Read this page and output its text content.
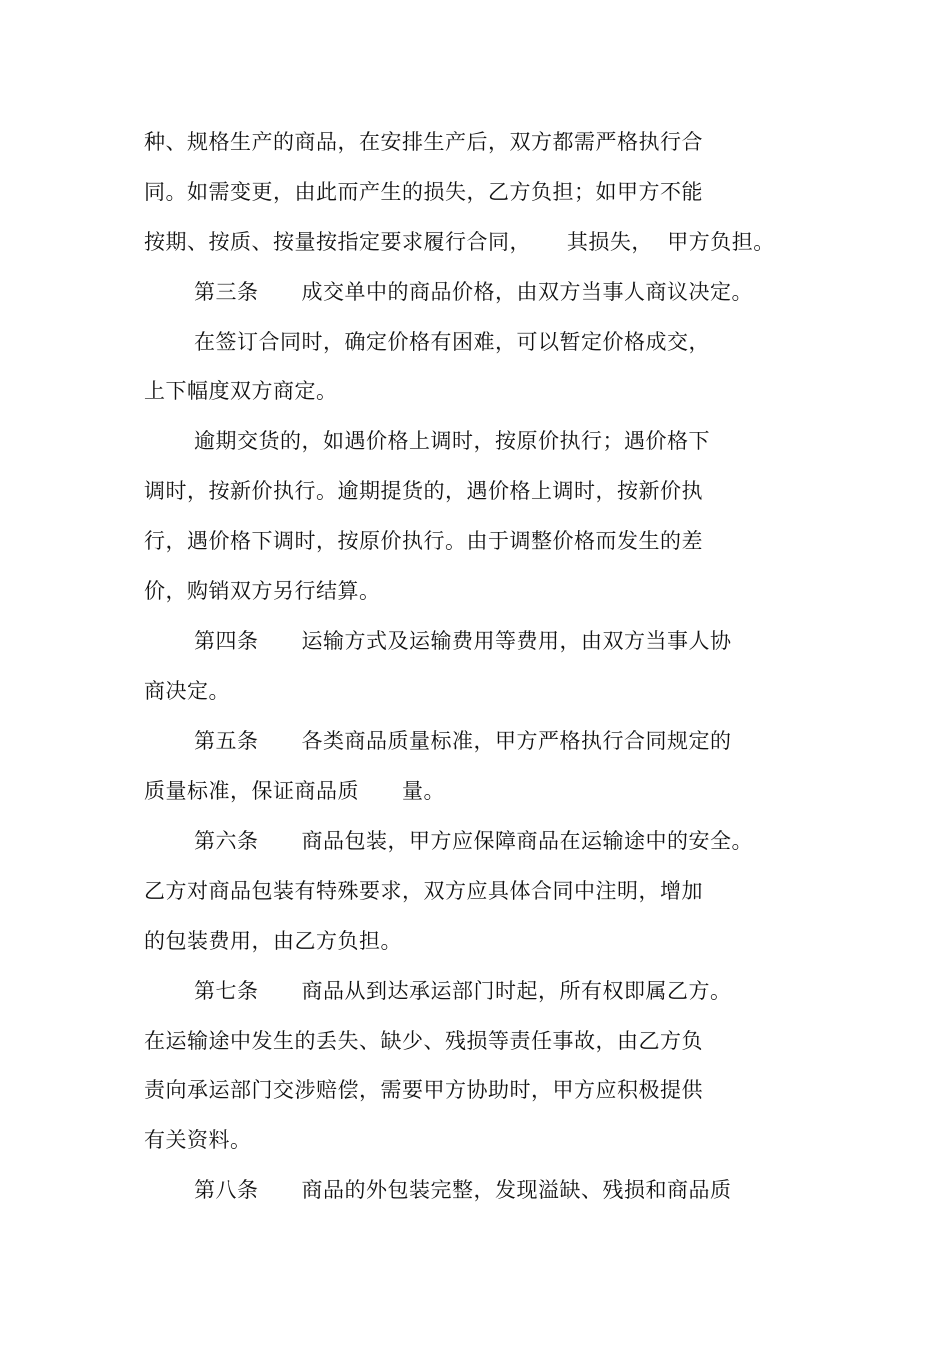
种、规格生产的商品，在安排生产后，双方都需严格执行合
同。如需变更，由此而产生的损失，乙方负担；如甲方不能
按期、按质、按量按指定要求履行合同，     其损失，  甲方负担。
第三条      成交单中的商品价格，由双方当事人商议决定。
在签订合同时，确定价格有困难，可以暂定价格成交，
上下幅度双方商定。
逾期交货的，如遇价格上调时，按原价执行；遇价格下
调时，按新价执行。逾期提货的，遇价格上调时，按新价执
行，遇价格下调时，按原价执行。由于调整价格而发生的差
价，购销双方另行结算。
第四条      运输方式及运输费用等费用，由双方当事人协
商决定。
第五条      各类商品质量标准，甲方严格执行合同规定的
质量标准，保证商品质      量。
第六条      商品包装，甲方应保障商品在运输途中的安全。
乙方对商品包装有特殊要求，双方应具体合同中注明，增加
的包装费用，由乙方负担。
第七条      商品从到达承运部门时起，所有权即属乙方。
在运输途中发生的丢失、缺少、残损等责任事故，由乙方负
责向承运部门交涉赔偿，需要甲方协助时，甲方应积极提供
有关资料。
第八条      商品的外包装完整，发现溢缺、残损和商品质
